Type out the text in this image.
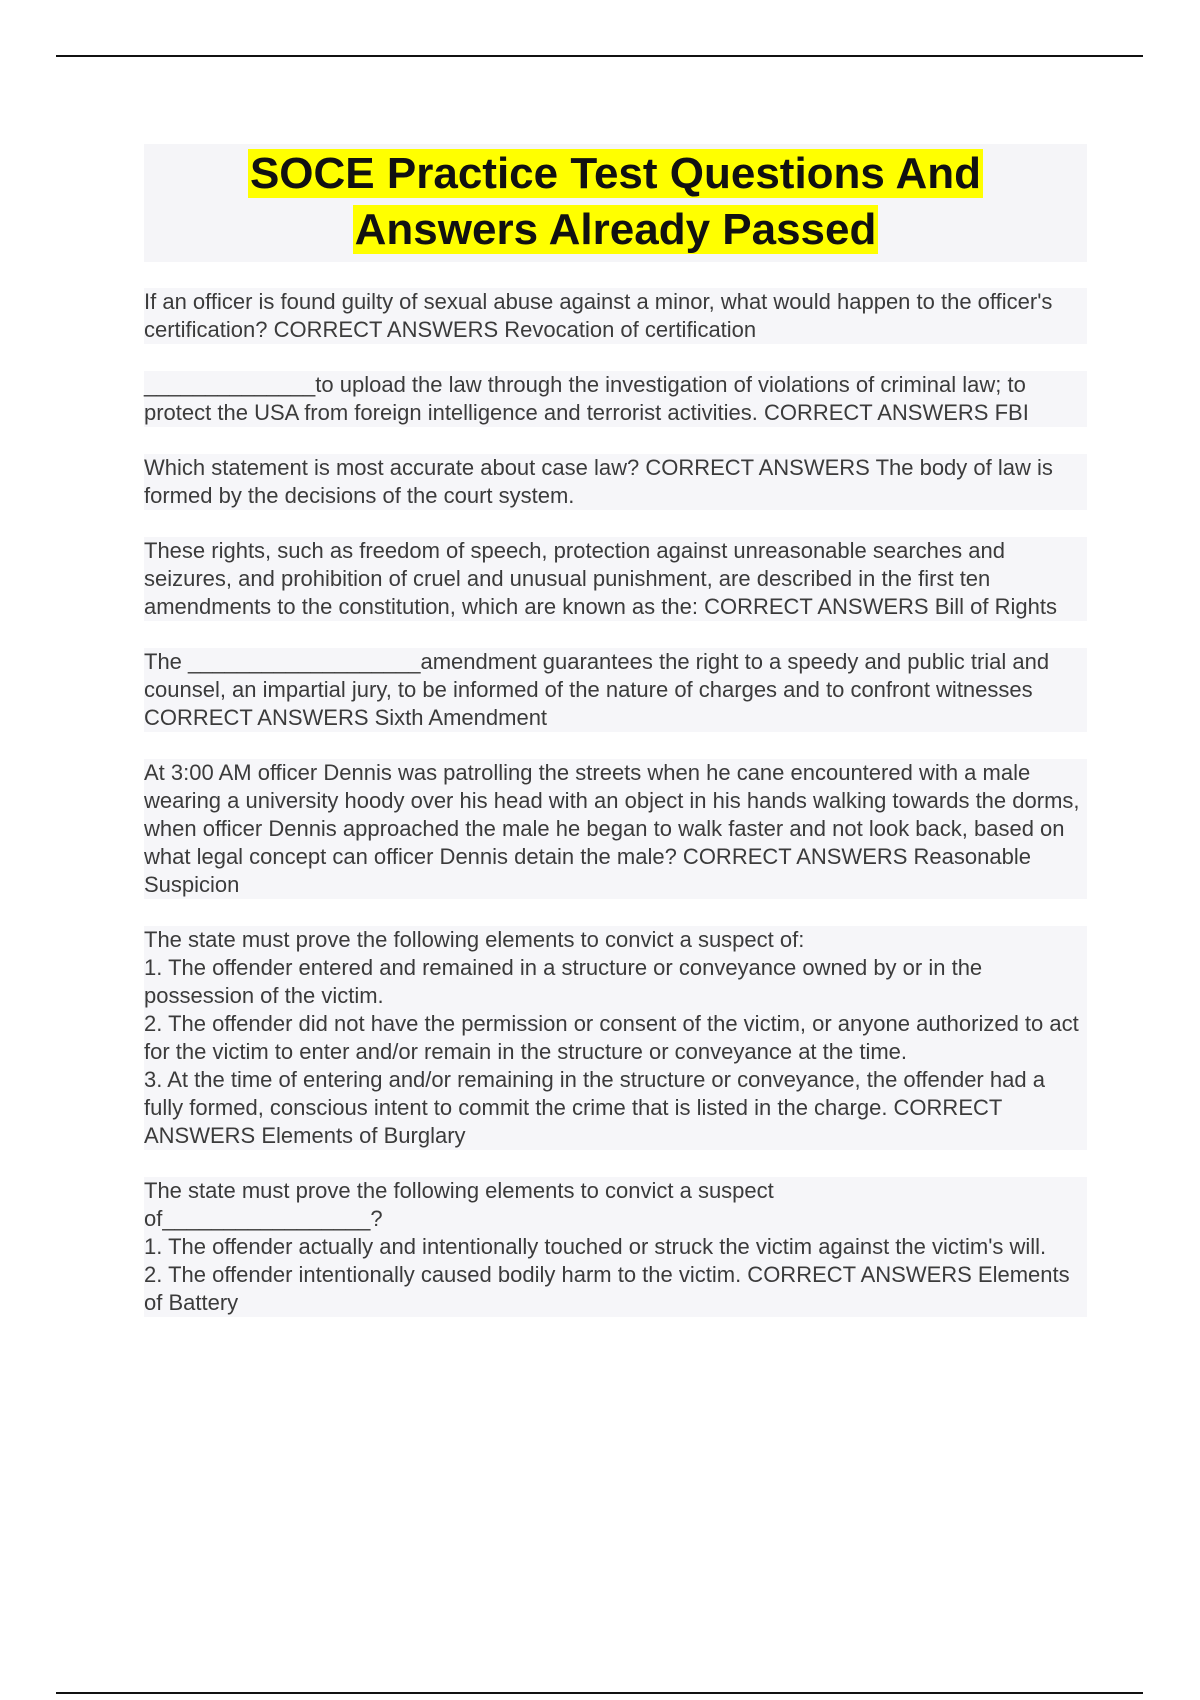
SOCE Practice Test Questions And
Answers Already Passed

If an officer is found guilty of sexual abuse against a minor, what would happen to the officer's certification? CORRECT ANSWERS Revocation of certification

______________to upload the law through the investigation of violations of criminal law; to protect the USA from foreign intelligence and terrorist activities. CORRECT ANSWERS FBI

Which statement is most accurate about case law? CORRECT ANSWERS The body of law is formed by the decisions of the court system.

These rights, such as freedom of speech, protection against unreasonable searches and seizures, and prohibition of cruel and unusual punishment, are described in the first ten amendments to the constitution, which are known as the: CORRECT ANSWERS Bill of Rights

The ___________________amendment guarantees the right to a speedy and public trial and counsel, an impartial jury, to be informed of the nature of charges and to confront witnesses CORRECT ANSWERS Sixth Amendment

At 3:00 AM officer Dennis was patrolling the streets when he cane encountered with a male wearing a university hoody over his head with an object in his hands walking towards the dorms, when officer Dennis approached the male he began to walk faster and not look back, based on what legal concept can officer Dennis detain the male? CORRECT ANSWERS Reasonable Suspicion

The state must prove the following elements to convict a suspect of:
1. The offender entered and remained in a structure or conveyance owned by or in the possession of the victim.
2. The offender did not have the permission or consent of the victim, or anyone authorized to act for the victim to enter and/or remain in the structure or conveyance at the time.
3. At the time of entering and/or remaining in the structure or conveyance, the offender had a fully formed, conscious intent to commit the crime that is listed in the charge. CORRECT ANSWERS Elements of Burglary

The state must prove the following elements to convict a suspect
of_________________?
1. The offender actually and intentionally touched or struck the victim against the victim's will.
2. The offender intentionally caused bodily harm to the victim. CORRECT ANSWERS Elements of Battery
